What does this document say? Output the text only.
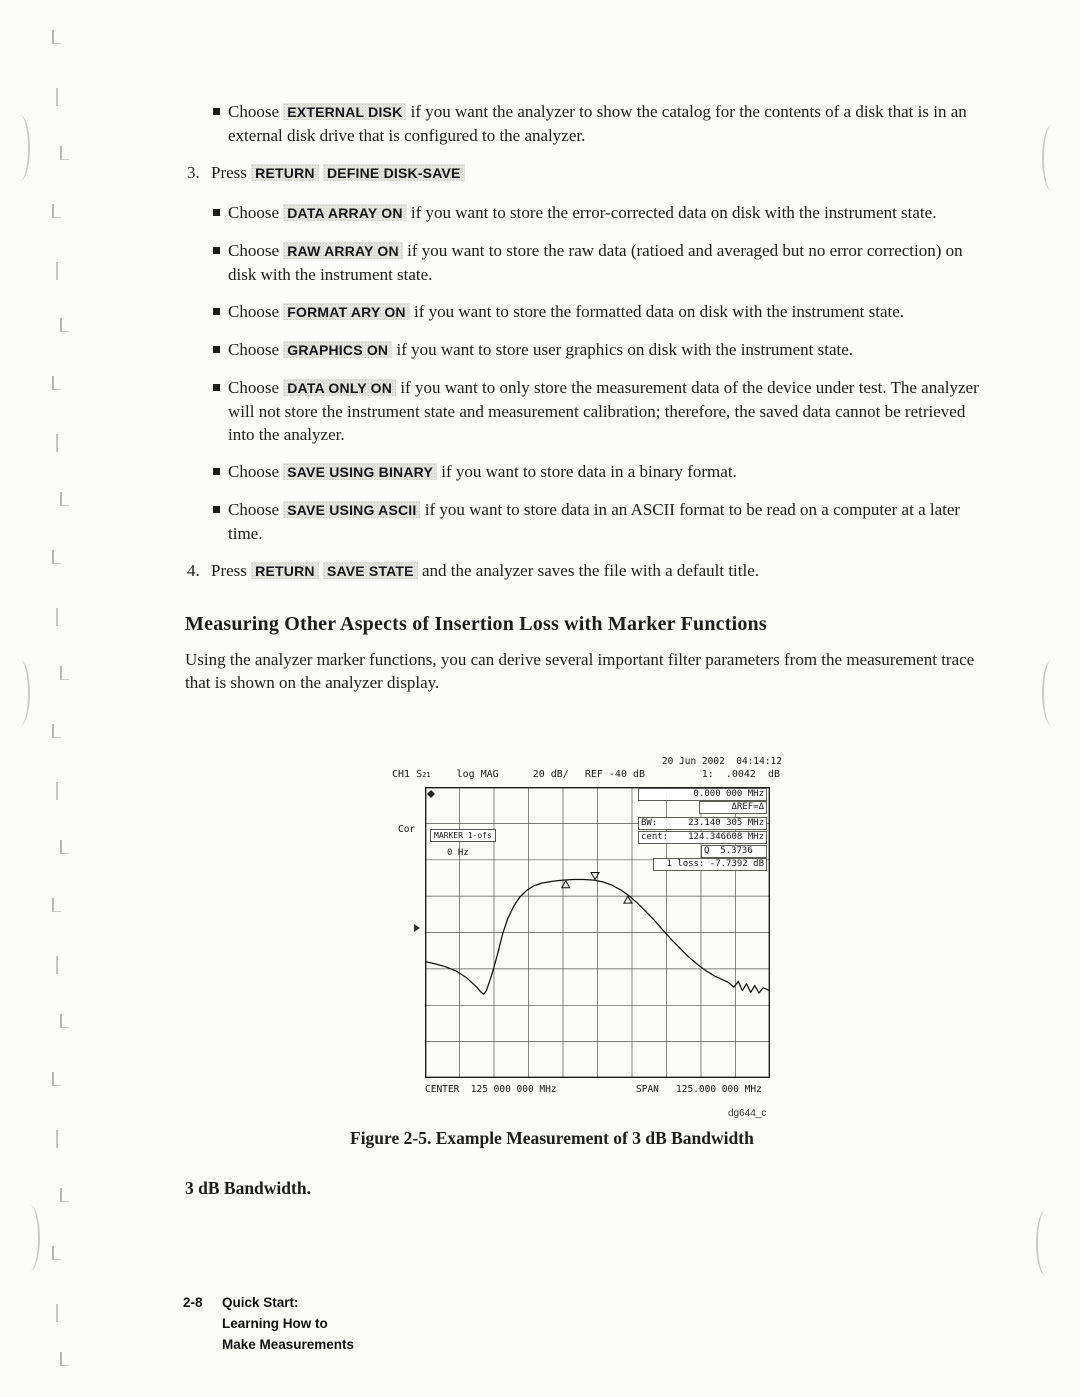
Choose EXTERNAL DISK if you want the analyzer to show the catalog for the contents of a disk that is in an external disk drive that is configured to the analyzer.
3. Press RETURN DEFINE DISK-SAVE
Choose DATA ARRAY ON if you want to store the error-corrected data on disk with the instrument state.
Choose RAW ARRAY ON if you want to store the raw data (ratioed and averaged but no error correction) on disk with the instrument state.
Choose FORMAT ARY ON if you want to store the formatted data on disk with the instrument state.
Choose GRAPHICS ON if you want to store user graphics on disk with the instrument state.
Choose DATA ONLY ON if you want to only store the measurement data of the device under test. The analyzer will not store the instrument state and measurement calibration; therefore, the saved data cannot be retrieved into the analyzer.
Choose SAVE USING BINARY if you want to store data in a binary format.
Choose SAVE USING ASCII if you want to store data in an ASCII format to be read on a computer at a later time.
4. Press RETURN SAVE STATE and the analyzer saves the file with a default title.
Measuring Other Aspects of Insertion Loss with Marker Functions

Using the analyzer marker functions, you can derive several important filter parameters from the measurement trace that is shown on the analyzer display.

20 Jun 2002  04:14:12
CH1 S 21	log MAG	20 dB/ REF -40 dB	1:  .0042  dB
Cor
0.000 000 MHz
ΔREF=Δ
BW:	23.140 305 MHz
cent: 124.346608 MHz
Q  5.3736
1 loss: -7.7392 dB
MARKER 1-ofs
0 Hz
CENTER  125 000 000 MHz	SPAN   125.000 000 MHz
dg644_c
Figure 2-5. Example Measurement of 3 dB Bandwidth
3 dB Bandwidth.
2-8 Quick Start:
Learning How to
Make Measurements
